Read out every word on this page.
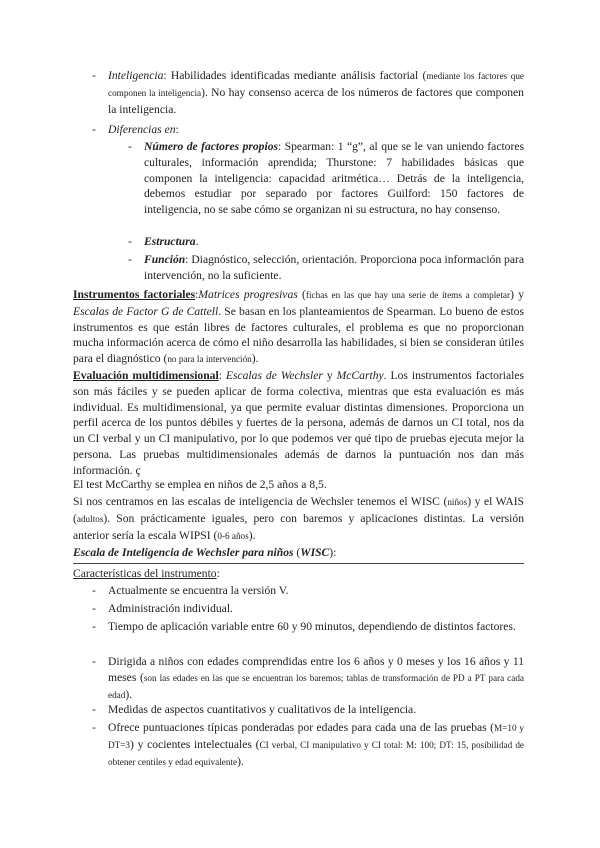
- Inteligencia: Habilidades identificadas mediante análisis factorial (mediante los factores que componen la inteligencia). No hay consenso acerca de los números de factores que componen la inteligencia.

- Diferencias en:

- Número de factores propios: Spearman: 1 “g”, al que se le van uniendo factores culturales, información aprendida; Thurstone: 7 habilidades básicas que componen la inteligencia: capacidad aritmética… Detrás de la inteligencia, debemos estudiar por separado por factores Guilford: 150 factores de inteligencia, no se sabe cómo se organizan ni su estructura, no hay consenso.

- Estructura.

- Función: Diagnóstico, selección, orientación. Proporciona poca información para intervención, no la suficiente.

Instrumentos factoriales:Matrices progresivas (fichas en las que hay una serie de ítems a completar) y Escalas de Factor G de Cattell. Se basan en los planteamientos de Spearman. Lo bueno de estos instrumentos es que están libres de factores culturales, el problema es que no proporcionan mucha información acerca de cómo el niño desarrolla las habilidades, si bien se consideran útiles para el diagnóstico (no para la intervención).

Evaluación multidimensional: Escalas de Wechsler y McCarthy. Los instrumentos factoriales son más fáciles y se pueden aplicar de forma colectiva, mientras que esta evaluación es más individual. Es multidimensional, ya que permite evaluar distintas dimensiones. Proporciona un perfil acerca de los puntos débiles y fuertes de la persona, además de darnos un CI total, nos da un CI verbal y un CI manipulativo, por lo que podemos ver qué tipo de pruebas ejecuta mejor la persona. Las pruebas multidimensionales además de darnos la puntuación nos dan más información. ç

El test McCarthy se emplea en niños de 2,5 años a 8,5.

Si nos centramos en las escalas de inteligencia de Wechsler tenemos el WISC (niños) y el WAIS (adultos). Son prácticamente iguales, pero con baremos y aplicaciones distintas. La versión anterior sería la escala WIPSI (0-6 años).

Escala de Inteligencia de Wechsler para niños (WISC):

Características del instrumento:

- Actualmente se encuentra la versión V.

- Administración individual.

- Tiempo de aplicación variable entre 60 y 90 minutos, dependiendo de distintos factores.

- Dirigida a niños con edades comprendidas entre los 6 años y 0 meses y los 16 años y 11 meses (son las edades en las que se encuentran los baremos; tablas de transformación de PD a PT para cada edad).

- Medidas de aspectos cuantitativos y cualitativos de la inteligencia.

- Ofrece puntuaciones típicas ponderadas por edades para cada una de las pruebas (M=10 y DT=3) y cocientes intelectuales (CI verbal, CI manipulativo y CI total: M: 100; DT: 15, posibilidad de obtener centiles y edad equivalente).
